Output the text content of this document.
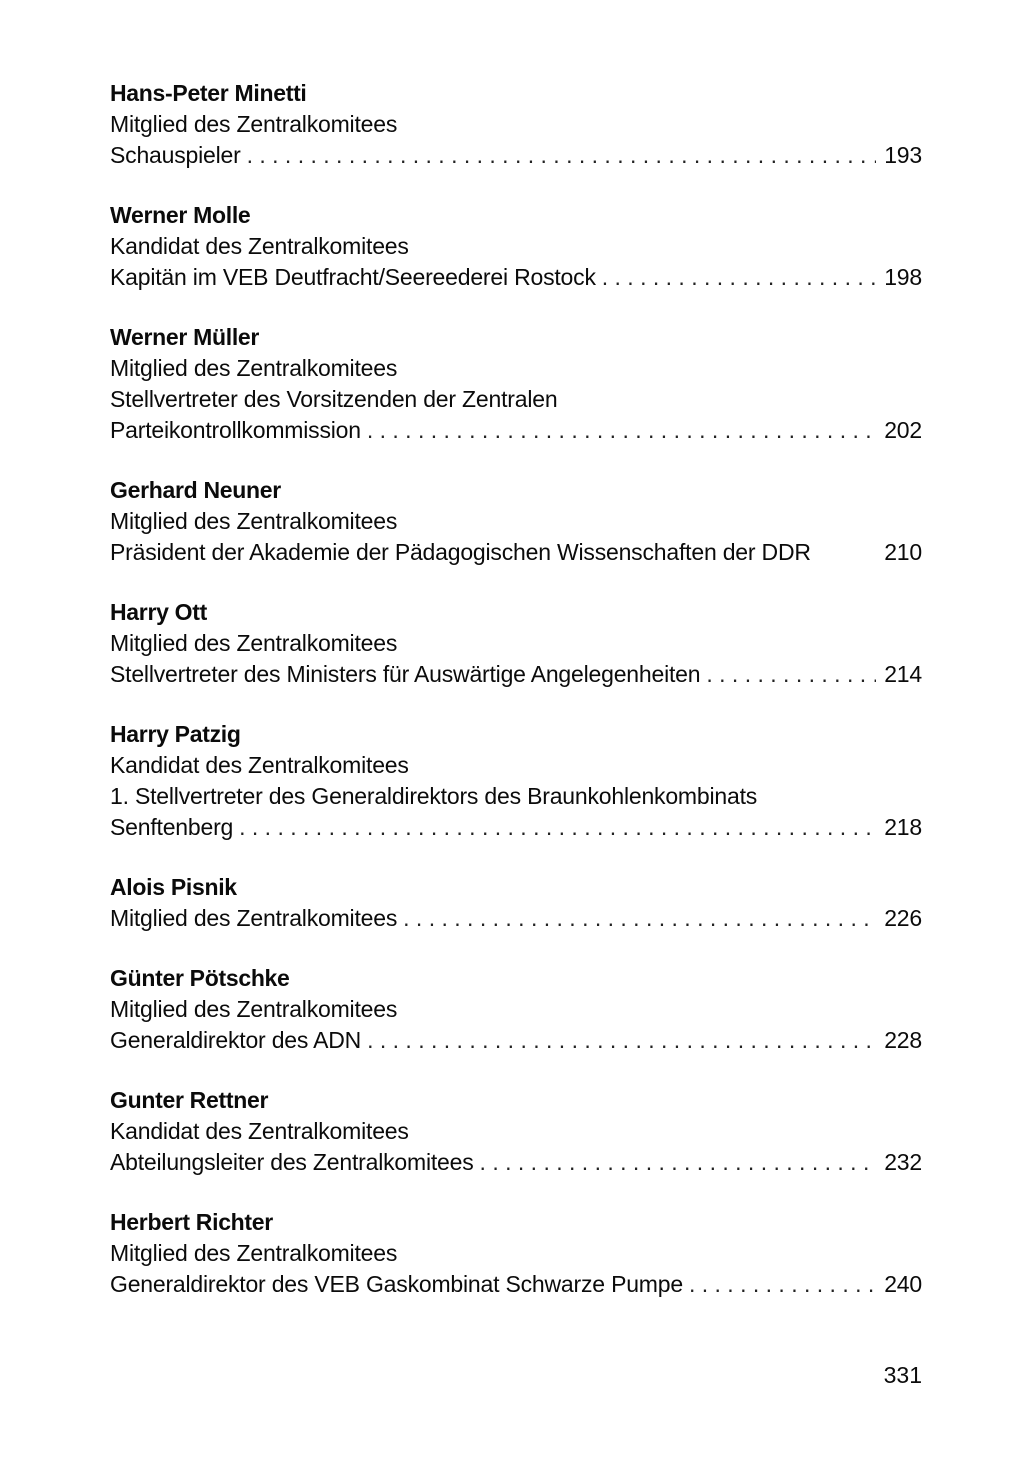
Hans-Peter Minetti
Mitglied des Zentralkomitees
Schauspieler . . .	193
Werner Molle
Kandidat des Zentralkomitees
Kapitän im VEB Deutfracht/Seereederei Rostock . . .	198
Werner Müller
Mitglied des Zentralkomitees
Stellvertreter des Vorsitzenden der Zentralen
Parteikontrollkommission . . .	202
Gerhard Neuner
Mitglied des Zentralkomitees
Präsident der Akademie der Pädagogischen Wissenschaften der DDR	210
Harry Ott
Mitglied des Zentralkomitees
Stellvertreter des Ministers für Auswärtige Angelegenheiten . . .	214
Harry Patzig
Kandidat des Zentralkomitees
1. Stellvertreter des Generaldirektors des Braunkohlenkombinats
Senftenberg . . .	218
Alois Pisnik
Mitglied des Zentralkomitees . . .	226
Günter Pötschke
Mitglied des Zentralkomitees
Generaldirektor des ADN . . .	228
Gunter Rettner
Kandidat des Zentralkomitees
Abteilungsleiter des Zentralkomitees . . .	232
Herbert Richter
Mitglied des Zentralkomitees
Generaldirektor des VEB Gaskombinat Schwarze Pumpe . . .	240
331
